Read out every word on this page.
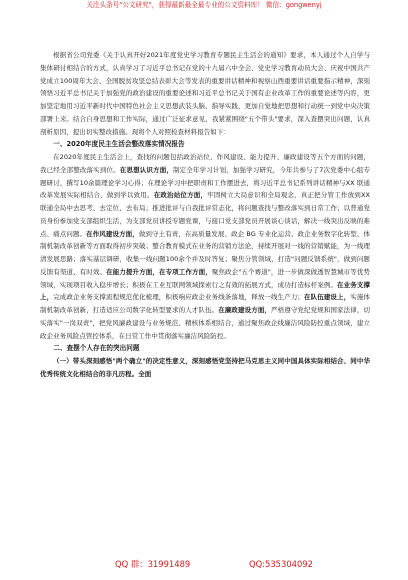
关注头条号"公文研究"，获得最新最全最专业的公文资料库！ 微信：gongwenyj

根据省公司党委《关于认真开好2021年度党史学习教育专题民主生活会的通知》要求，本人通过个人自学与集体研讨相结合的方式，认真学习了习近平总书记在党的十九届六中全会、党史学习教育动员大会、庆祝中国共产党成立100周年大会、全国脱贫攻坚总结表彰大会等发表的重要讲话精神和视察山西重要讲话重要指示精神，深刻领悟习近平总书记关于加强党的政治建设的重要论述和习近平总书记关于国有企业改革工作的重要论述等内容，更加坚定地用习近平新时代中国特色社会主义思想武装头脑、指导实践，更加自觉地把思想和行动统一到党中央决策部署上来。结合自身思想和工作实际，通过广泛征求意见，我紧紧围绕"五个带头"要求，深入查摆突出问题，认真剖析原因，提出切实整改措施。现将个人对照检查材料报告如下：

一、2020年度民主生活会整改落实情况报告

在2020年度民主生活会上，查找的问题包括政治站位、作风建设、能力提升、廉政建设等五个方面的问题，我已经全部整改落实到位。在思想认识方面，制定全年学习计划，加强学习研究，今年共参与了7次党委中心组专题研讨，撰写10余篇理论学习心得；在理论学习中把职责和工作摆进去，将习近平总书记系列讲话精神与XX 联通改革发展实际相结合，做到学以致用。在政治站位方面，牢固树立大局意识和全局观念，真正把分管工作放到XX 联通全局中去思考、去定位、去布局；推进批评与自我批评常态化，将问题查找与整改落实到日常工作；以普通党员身份参加党支部组织生活，为支部党员讲授专题党课，与接口党支部党员开展谈心谈话，解决一线突出反映的难点、痛点问题。在作风建设方面，做到守土有责，在高质量发展、政企 BG 专业化运营、政企业务数字化转型、体制机制改革创新等方面取得初步突破；整合教育模式在业务的营销方法论，持续开展对一线的营销赋能，为一线理清发展思路；落实基层调研，收集一线问题100余个并及时答复；聚焦分管领域，打造"问题反馈系统"，做到问题反馈有渠道、有时效。在能力提升方面，在专项工作方面，聚焦政企"五个赛道"，进一步做深做透智慧城市等优势领域，实现项目收入稳步增长；积极在工业互联网领域探索行之有效的拓展方式，成功打造标杆案例。在业务支撑上，完成政企业务支撑流程规范优化梳理，积极响应政企业务线条落地，释放一线生产力；在队伍建设上，实施体制机制改革创新，打造适应公司数字化转型要求的人才队伍。在廉政建设方面，严格遵守党纪党规和国家法律，切实落实"一岗双责"，把党风廉政建设与业务规范、精核体系相结合，通过聚焦政企线廉洁风险防控重点领域，建立政企业务风险点管控体系，在日常工作中贯彻落实廉洁风险防控。

二、查摆个人存在的突出问题

（一）带头深刻感悟"两个确立"的决定性意义，深刻感悟党坚持把马克思主义同中国具体实际相结合、同中华优秀传统文化相结合的非凡历程。全面

QQ 群：31991489	QQ:535304092
